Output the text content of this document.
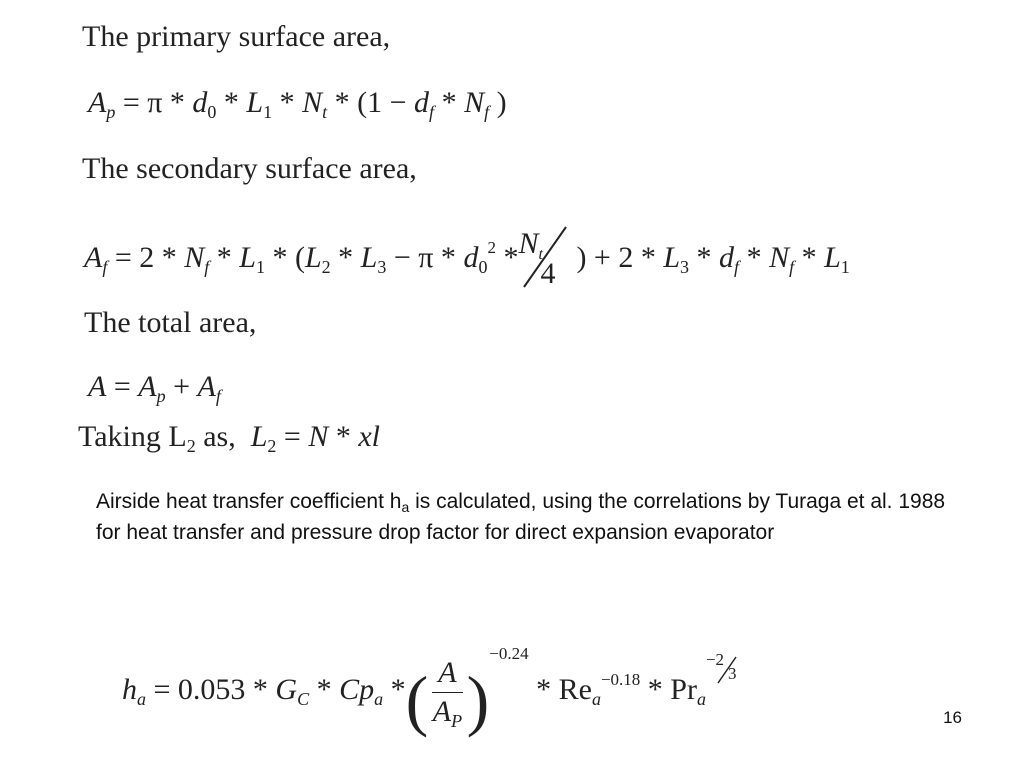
The primary surface area,
$A_p = \pi * d_0 * L_1 * N_t * (1 - d_f * N_f$ )
The secondary surface area,
$A_f = 2 * N_f * L_1 * (L_2 * L_3 - \pi * d_0^2 * N_t$
4 ) + $2 * L_3 * d_f * N_f * L_1$
The total area,
$A = A_p + A_f$
Taking $L_2$ as,  $L_2 = N$ * xl
Airside heat transfer coefficient $h_a$ is calculated, using the correlations by Turaga et al. 1988 for heat transfer and pressure drop factor for direct expansion evaporator
$h_a = 0.053 * G_C * Cp_a$ *( $\frac{A}{A_P} )^{-0.24} * Re_a^{-0.18} * Pr_a$
−2
3
16
